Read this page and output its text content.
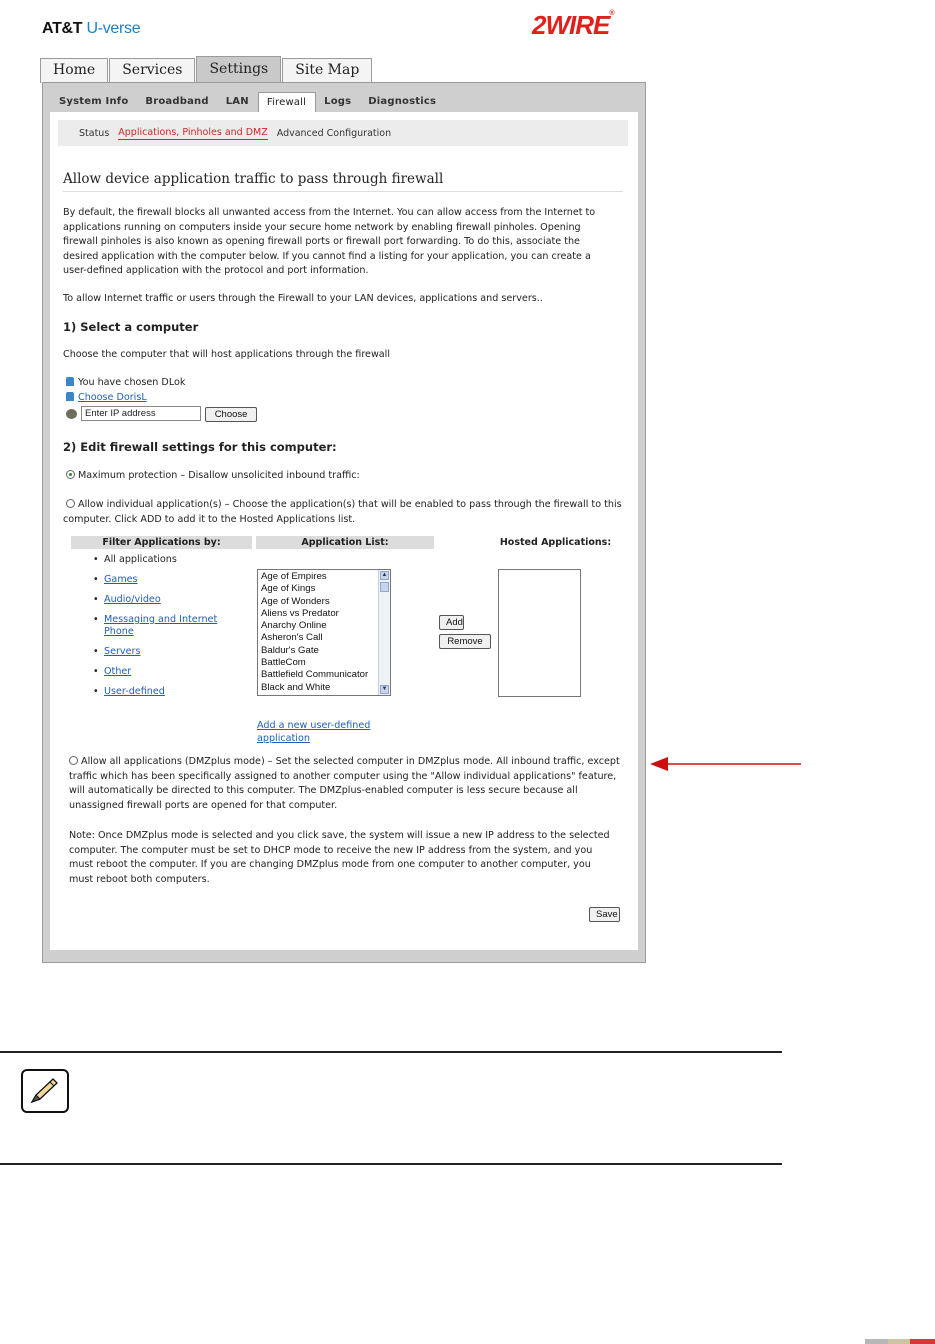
AT&T U-verse	2WIRE®
Home	Services	Settings	Site Map
System Info	Broadband	LAN	Firewall	Logs	Diagnostics
Status Applications, Pinholes and DMZ Advanced Configuration
Allow device application traffic to pass through firewall
By default, the firewall blocks all unwanted access from the Internet. You can allow access from the Internet to applications running on computers inside your secure home network by enabling firewall pinholes. Opening firewall pinholes is also known as opening firewall ports or firewall port forwarding. To do this, associate the desired application with the computer below. If you cannot find a listing for your application, you can create a user-defined application with the protocol and port information.
To allow Internet traffic or users through the Firewall to your LAN devices, applications and servers..
1) Select a computer
Choose the computer that will host applications through the firewall
You have chosen DLok
Choose DorisL
Enter IP address Choose
2) Edit firewall settings for this computer:
Maximum protection – Disallow unsolicited inbound traffic:
Allow individual application(s) – Choose the application(s) that will be enabled to pass through the firewall to this computer. Click ADD to add it to the Hosted Applications list.
Filter Applications by:	Application List:	Hosted Applications:
• All applications
• Games
• Audio/video
• Messaging and Internet Phone
• Servers
• Other
• User-defined
Age of Empires
Age of Kings
Age of Wonders
Aliens vs Predator
Anarchy Online
Asheron's Call
Baldur's Gate
BattleCom
Battlefield Communicator
Black and White
▲
▼
Add
Remove
Add a new user-defined application
Allow all applications (DMZplus mode) – Set the selected computer in DMZplus mode. All inbound traffic, except traffic which has been specifically assigned to another computer using the "Allow individual applications" feature, will automatically be directed to this computer. The DMZplus-enabled computer is less secure because all unassigned firewall ports are opened for that computer.
Note: Once DMZplus mode is selected and you click save, the system will issue a new IP address to the selected computer. The computer must be set to DHCP mode to receive the new IP address from the system, and you must reboot the computer. If you are changing DMZplus mode from one computer to another computer, you must reboot both computers.
Save
